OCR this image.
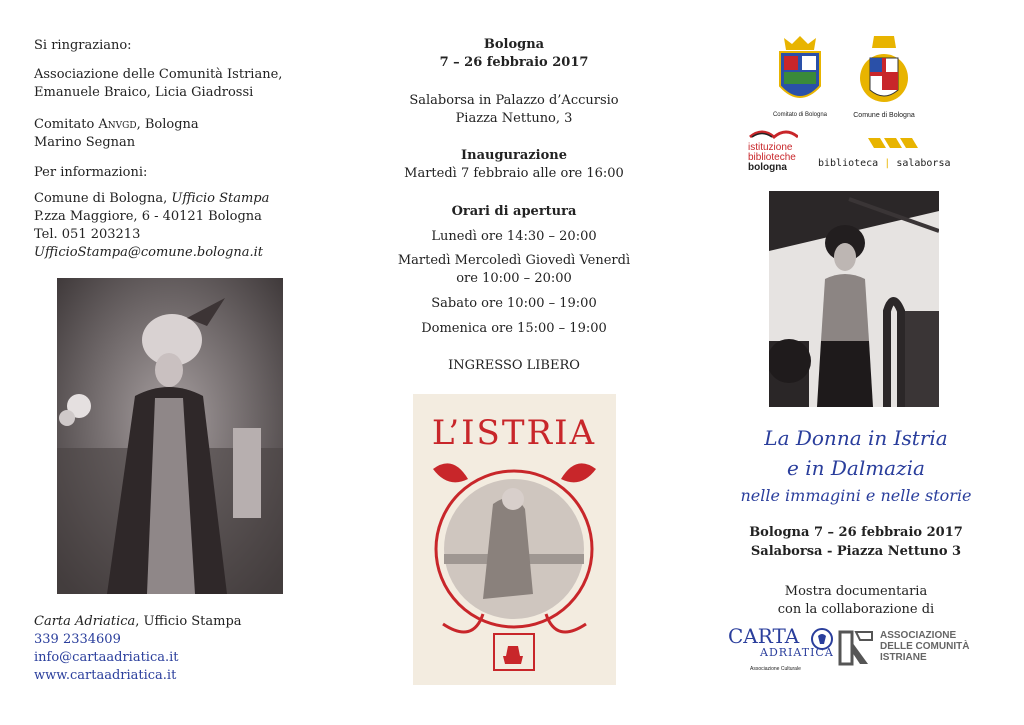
Si ringraziano:
Associazione delle Comunità Istriane,
Emanuele Braico, Licia Giadrossi
Comitato Anvgd, Bologna
Marino Segnan
Per informazioni:
Comune di Bologna, Ufficio Stampa
P.zza Maggiore, 6 - 40121 Bologna
Tel. 051 203213
UfficioStampa@comune.bologna.it
Carta Adriatica, Ufficio Stampa
339 2334609
info@cartaadriatica.it
www.cartaadriatica.it
Bologna
7 – 26 febbraio 2017
Salaborsa in Palazzo d’Accursio
Piazza Nettuno, 3
Inaugurazione
Martedì 7 febbraio alle ore 16:00
Orari di apertura
Lunedì ore 14:30 – 20:00
Martedì Mercoledì Giovedì Venerdì
ore 10:00 – 20:00
Sabato ore 10:00 – 19:00
Domenica ore 15:00 – 19:00
INGRESSO LIBERO
L’ISTRIA
Comitato di Bologna	Comune di Bologna
istituzione
biblioteche
bologna	biblioteca | salaborsa
La Donna in Istria
e in Dalmazia
nelle immagini e nelle storie
Bologna 7 – 26 febbraio 2017
Salaborsa - Piazza Nettuno 3
Mostra documentaria
con la collaborazione di
CARTA
ADRIATICA
Associazione Culturale
ASSOCIAZIONE
DELLE COMUNITÀ
ISTRIANE
